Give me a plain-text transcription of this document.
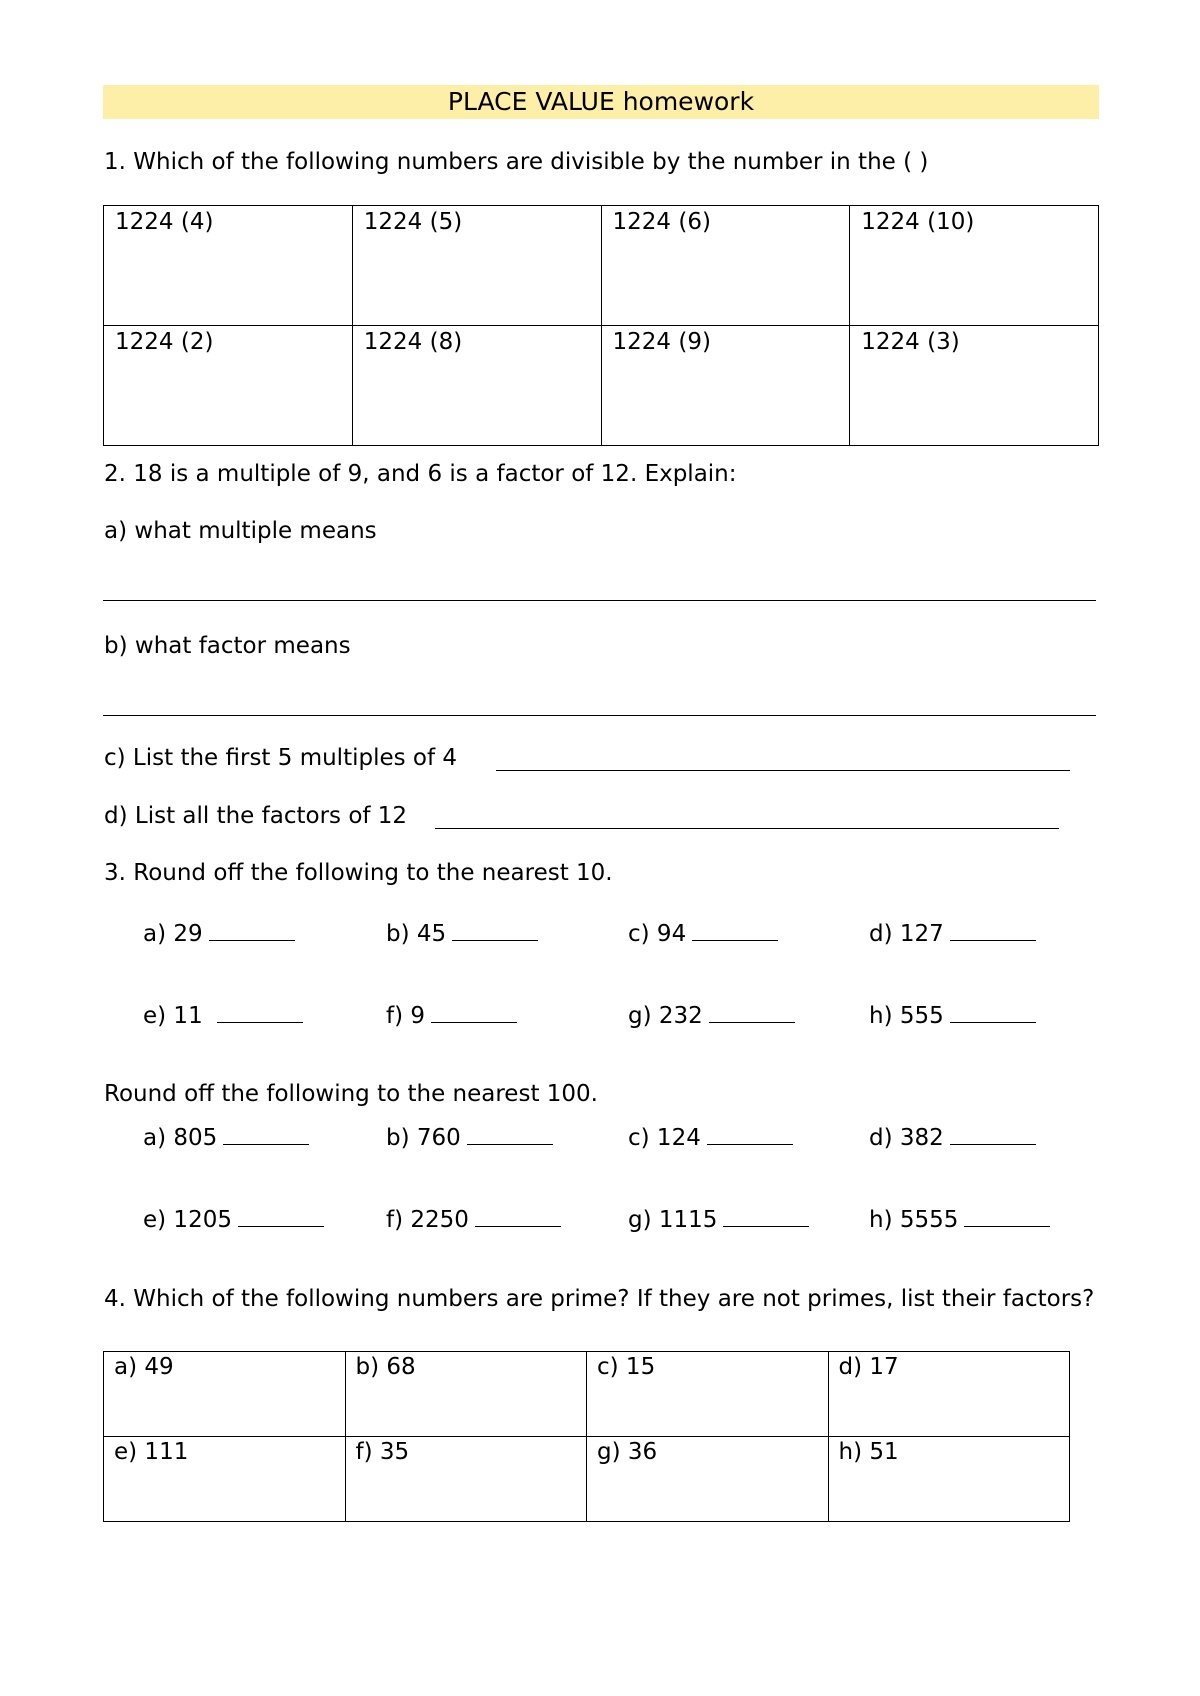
PLACE VALUE homework
1. Which of the following numbers are divisible by the number in the ( )
1224 (4)	1224 (5)	1224 (6)	1224 (10)
1224 (2)	1224 (8)	1224 (9)	1224 (3)
2. 18 is a multiple of 9, and 6 is a factor of 12. Explain:
a) what multiple means
b) what factor means
c) List the first 5 multiples of 4
d) List all the factors of 12
3. Round off the following to the nearest 10.
a) 29	b) 45	c) 94	d) 127
e) 11	f) 9	g) 232	h) 555
Round off the following to the nearest 100.
a) 805	b) 760	c) 124	d) 382
e) 1205	f) 2250	g) 1115	h) 5555
4. Which of the following numbers are prime? If they are not primes, list their factors?
a) 49	b) 68	c) 15	d) 17
e) 111	f) 35	g) 36	h) 51
